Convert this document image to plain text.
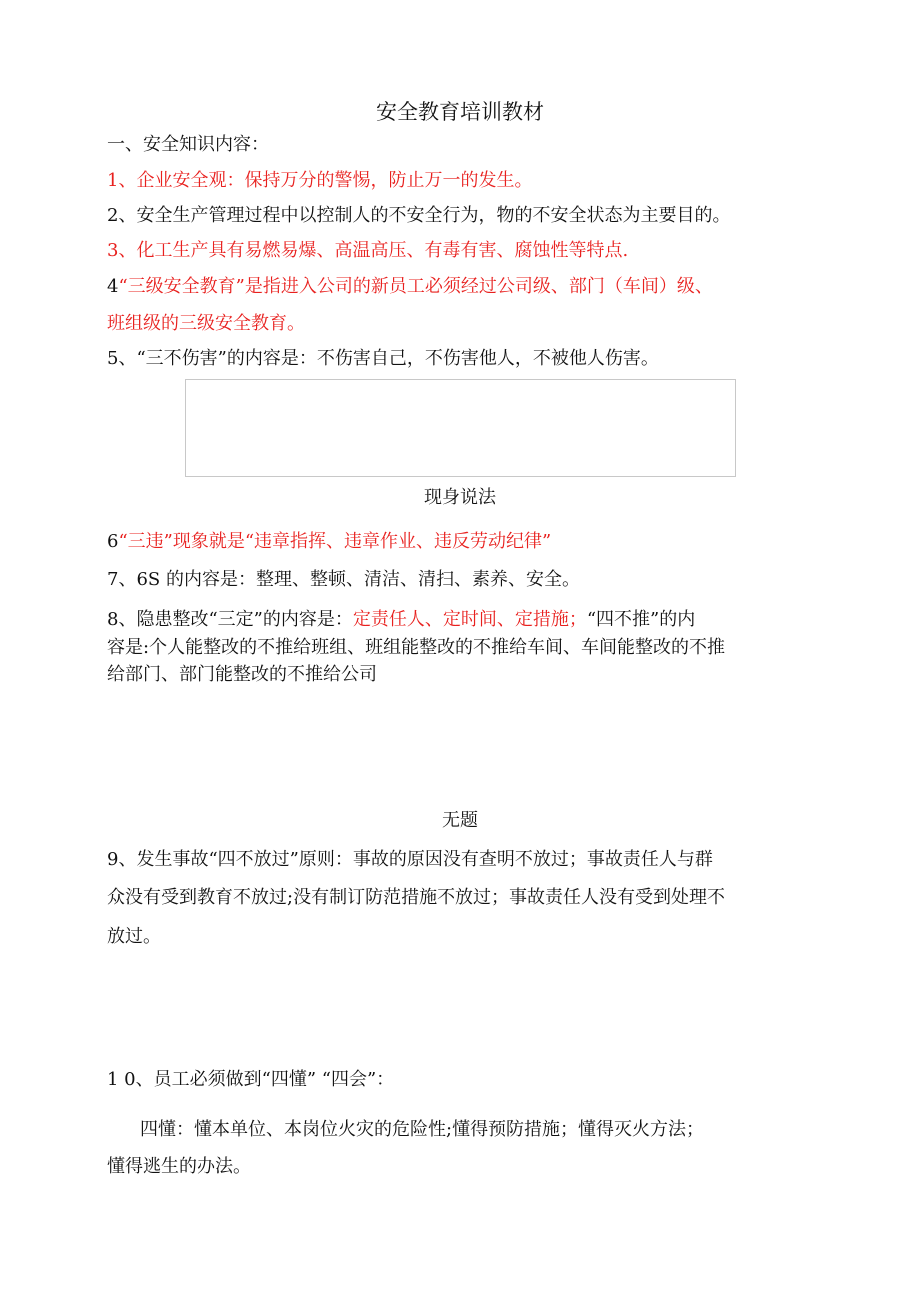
安全教育培训教材
一、安全知识内容：
1、企业安全观：保持万分的警惕，防止万一的发生。
2、安全生产管理过程中以控制人的不安全行为，物的不安全状态为主要目的。
3、化工生产具有易燃易爆、高温高压、有毒有害、腐蚀性等特点.
4“三级安全教育”是指进入公司的新员工必须经过公司级、部门（车间）级、
班组级的三级安全教育。
5、“三不伤害”的内容是：不伤害自己，不伤害他人，不被他人伤害。
现身说法
6“三违”现象就是“违章指挥、违章作业、违反劳动纪律”
7、6S 的内容是：整理、整顿、清洁、清扫、素养、安全。
8、隐患整改“三定”的内容是：定责任人、定时间、定措施；“四不推”的内
容是:个人能整改的不推给班组、班组能整改的不推给车间、车间能整改的不推
给部门、部门能整改的不推给公司
无题
9、发生事故“四不放过”原则：事故的原因没有查明不放过；事故责任人与群
众没有受到教育不放过;没有制订防范措施不放过；事故责任人没有受到处理不
放过。
1 0、员工必须做到“四懂” “四会”：
四懂：懂本单位、本岗位火灾的危险性;懂得预防措施；懂得灭火方法；
懂得逃生的办法。
